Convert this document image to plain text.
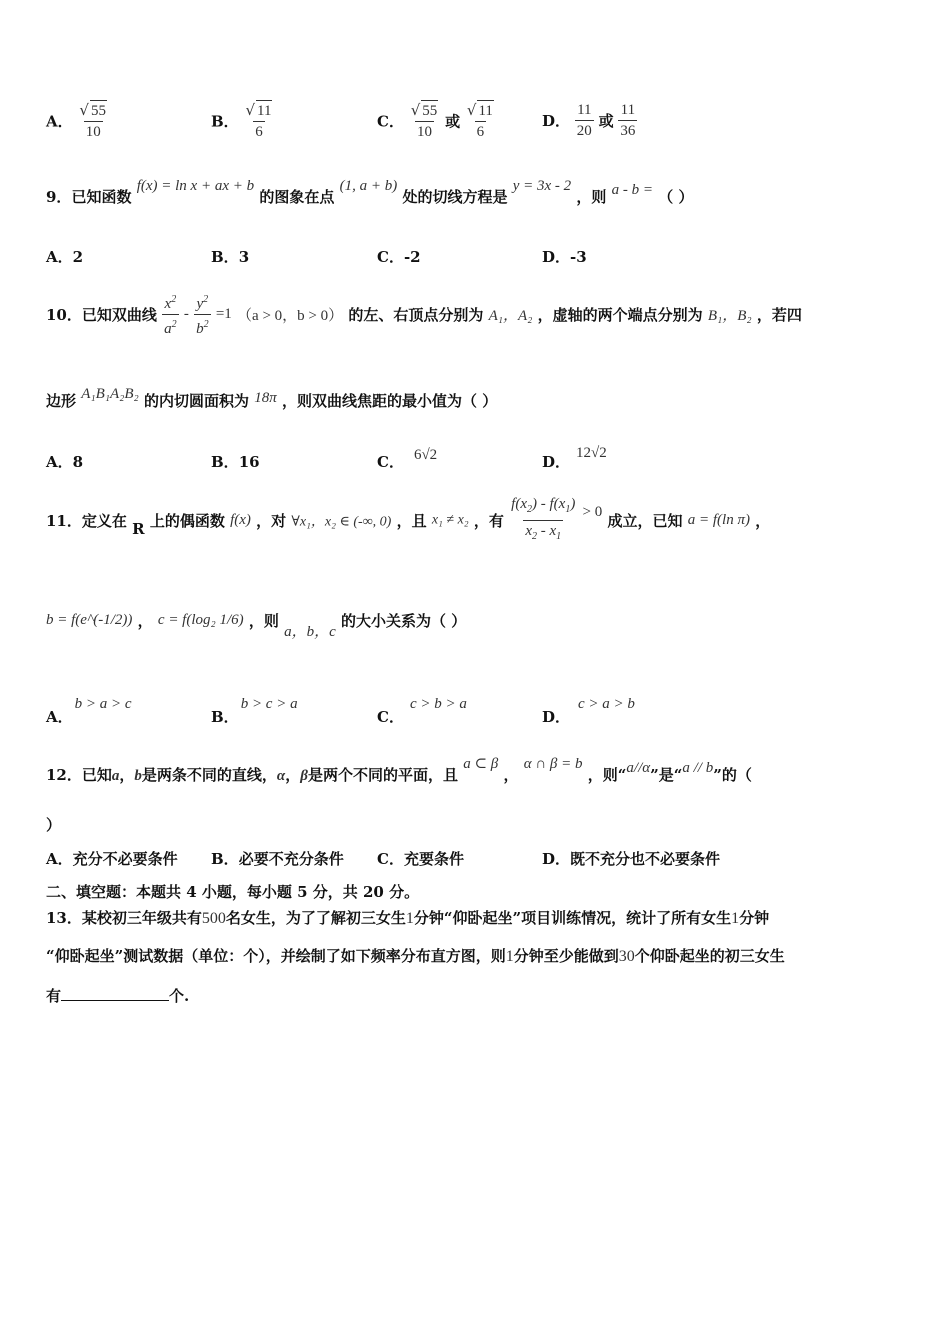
A． $\frac{√ 55}{10}$	B． $\frac{√ 11}{6}$	C． $\frac{√ 55}{10}$ 或 $\frac{√ 11}{6}$	D． $\frac{11}{20}$ 或 $\frac{11}{36}$
9．已知函数 f(x) = ln x + ax + b 的图象在点 (1, a + b) 处的切线方程是 y = 3x - 2 ，则 a - b = （ ）
A．2	B．3	C．-2	D．-3
10．已知双曲线 $\frac{x^2}{a^2} - \frac{y^2}{b^2} =1$ （a > 0，b > 0） 的左、右顶点分别为 A₁，A₂ ，虚轴的两个端点分别为 B₁，B₂ ，若四
边形 A₁B₁A₂B₂ 的内切圆面积为 18π ，则双曲线焦距的最小值为（ ）
A．8	B．16	C． 6√2	D． 12√2
11．定义在 R 上的偶函数 f(x) ，对 ∀x₁，x₂ ∈ (-∞, 0) ，且 x₁ ≠ x₂ ，有 $\frac{f(x_2) - f(x_1)}{x_2 - x_1} > 0$ 成立，已知 a = f(ln π) ，
b = f(e^(-1/2)) ， c = f(log₂ 1/6) ，则 a，b，c 的大小关系为（ ）
A．b > a > c
B．b > c > a
C．c > b > a
D．c > a > b
12．已知a，b是两条不同的直线，α，β是两个不同的平面，且 a ⊂ β ， α ∩ β = b ，则“a//α”是“a // b”的（
）
A．充分不必要条件 B．必要不充分条件 C．充要条件	D．既不充分也不必要条件
二、填空题：本题共 4 小题，每小题 5 分，共 20 分。
13．某校初三年级共有500名女生，为了了解初三女生1分钟“仰卧起坐”项目训练情况，统计了所有女生1分钟
“仰卧起坐”测试数据（单位：个），并绘制了如下频率分布直方图，则1分钟至少能做到30个仰卧起坐的初三女生
有	个.
